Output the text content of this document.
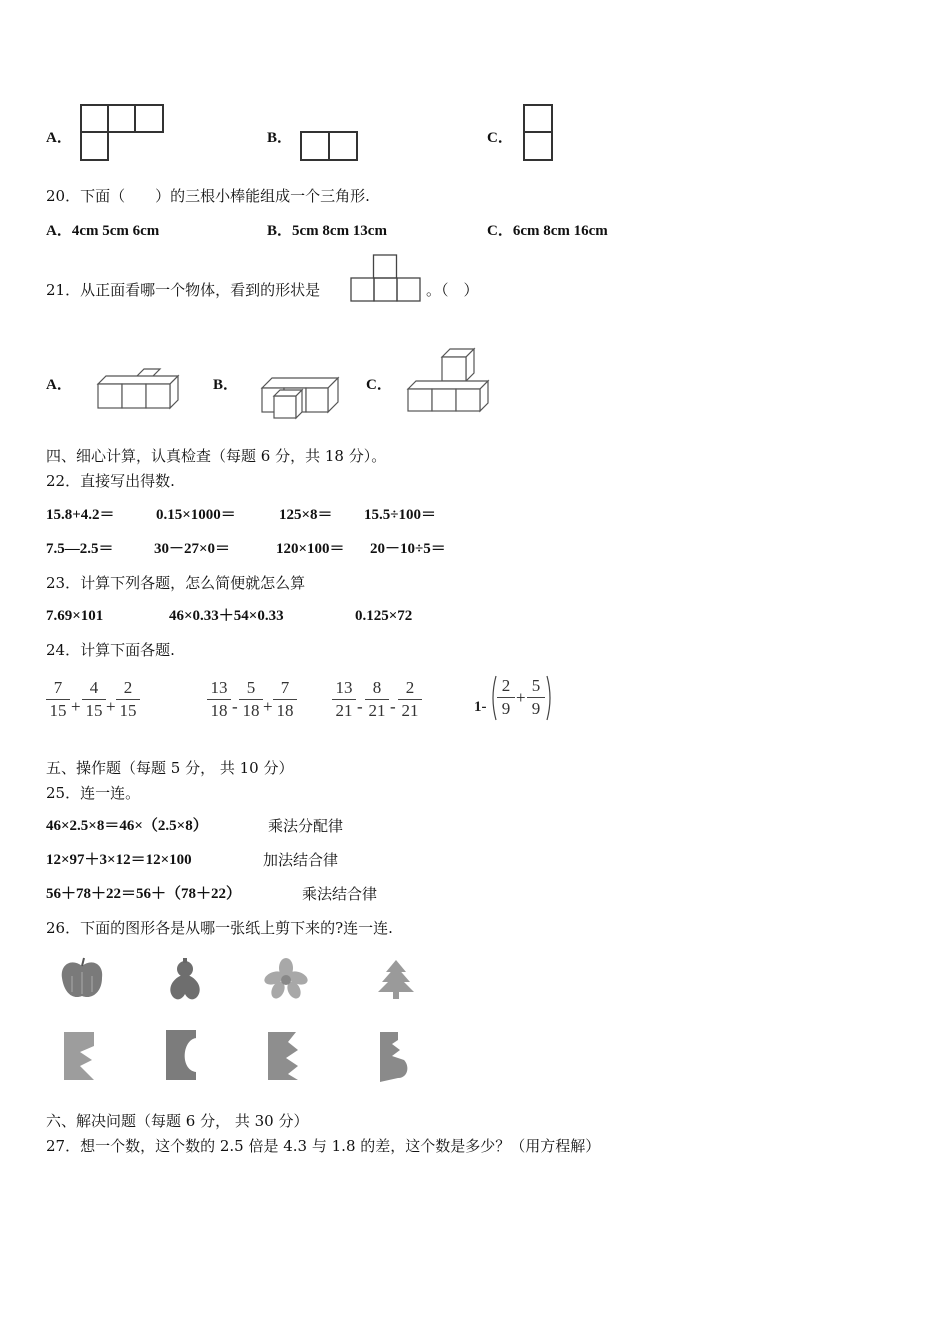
A．	B．	C．
20．下面（　　）的三根小棒能组成一个三角形.
A．4cm 5cm 6cm	B．5cm 8cm 13cm	C．6cm 8cm 16cm
21．从正面看哪一个物体，看到的形状是	。（　）
A．	B．	C．
四、细心计算，认真检查（每题 6 分，共 18 分）。
22．直接写出得数.
15.8+4.2＝	0.15×1000＝	125×8＝ 15.5÷100＝
7.5—2.5＝	30－27×0＝	120×100＝ 20－10÷5＝
23．计算下列各题，怎么简便就怎么算
7.69×101	46×0.33＋54×0.33	0.125×72
24．计算下面各题.
7
15 +
4
15 +
2
15
13
18 -
5
18 +
7
18
13
21 -
8
21 -
2
21	1-
2
9
+
5
9
五、操作题（每题 5 分， 共 10 分）
25．连一连。
46×2.5×8＝46×（2.5×8）	乘法分配律
12×97＋3×12＝12×100	加法结合律
56＋78＋22＝56＋（78＋22）	乘法结合律
26．下面的图形各是从哪一张纸上剪下来的?连一连.
六、解决问题（每题 6 分， 共 30 分）
27．想一个数，这个数的 2.5 倍是 4.3 与 1.8 的差，这个数是多少？（用方程解）
